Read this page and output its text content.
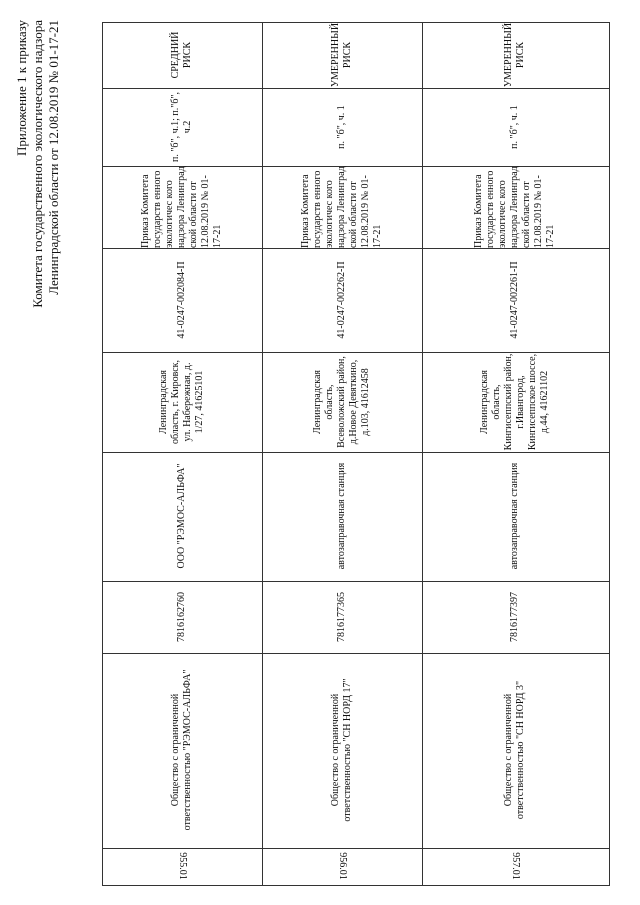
Приложение 1 к приказу Комитета государственного экологического надзора Ленинградской области от 12.08.2019 № 01-17-21
955.01
Общество с ограниченной ответственностью "РЭМОС-АЛЬФА"
7816162760
ООО "РЭМОС-АЛЬФА"
Ленинградская область, г. Кировск, ул. Набережная, д. 1/27, 41625101
41-0247-002084-П
Приказ Комитета государств енного экологичес кого надзора Ленинград ской области от 12.08.2019 № 01-17-21
п. "б", ч.1; п."б", ч.2
СРЕДНИЙ РИСК
956.01
Общество с ограниченной ответственностью "СН НОРД 17"
7816177365
автозаправочная станция
Ленинградская область, Всеволожский район, д.Новое Девяткино, д.103, 41612458
41-0247-002262-П
Приказ Комитета государств енного экологичес кого надзора Ленинград ской области от 12.08.2019 № 01-17-21
п. "б", ч. 1
УМЕРЕННЫЙ РИСК
957.01
Общество с ограниченной ответственностью "СН НОРД 3"
7816177397
автозаправочная станция
Ленинградская область, Кингисеппский район, г.Ивангород, Кингисеппское шоссе, д.44, 41621102
41-0247-002261-П
Приказ Комитета государств енного экологичес кого надзора Ленинград ской области от 12.08.2019 № 01-17-21
п. "б", ч. 1
УМЕРЕННЫЙ РИСК
